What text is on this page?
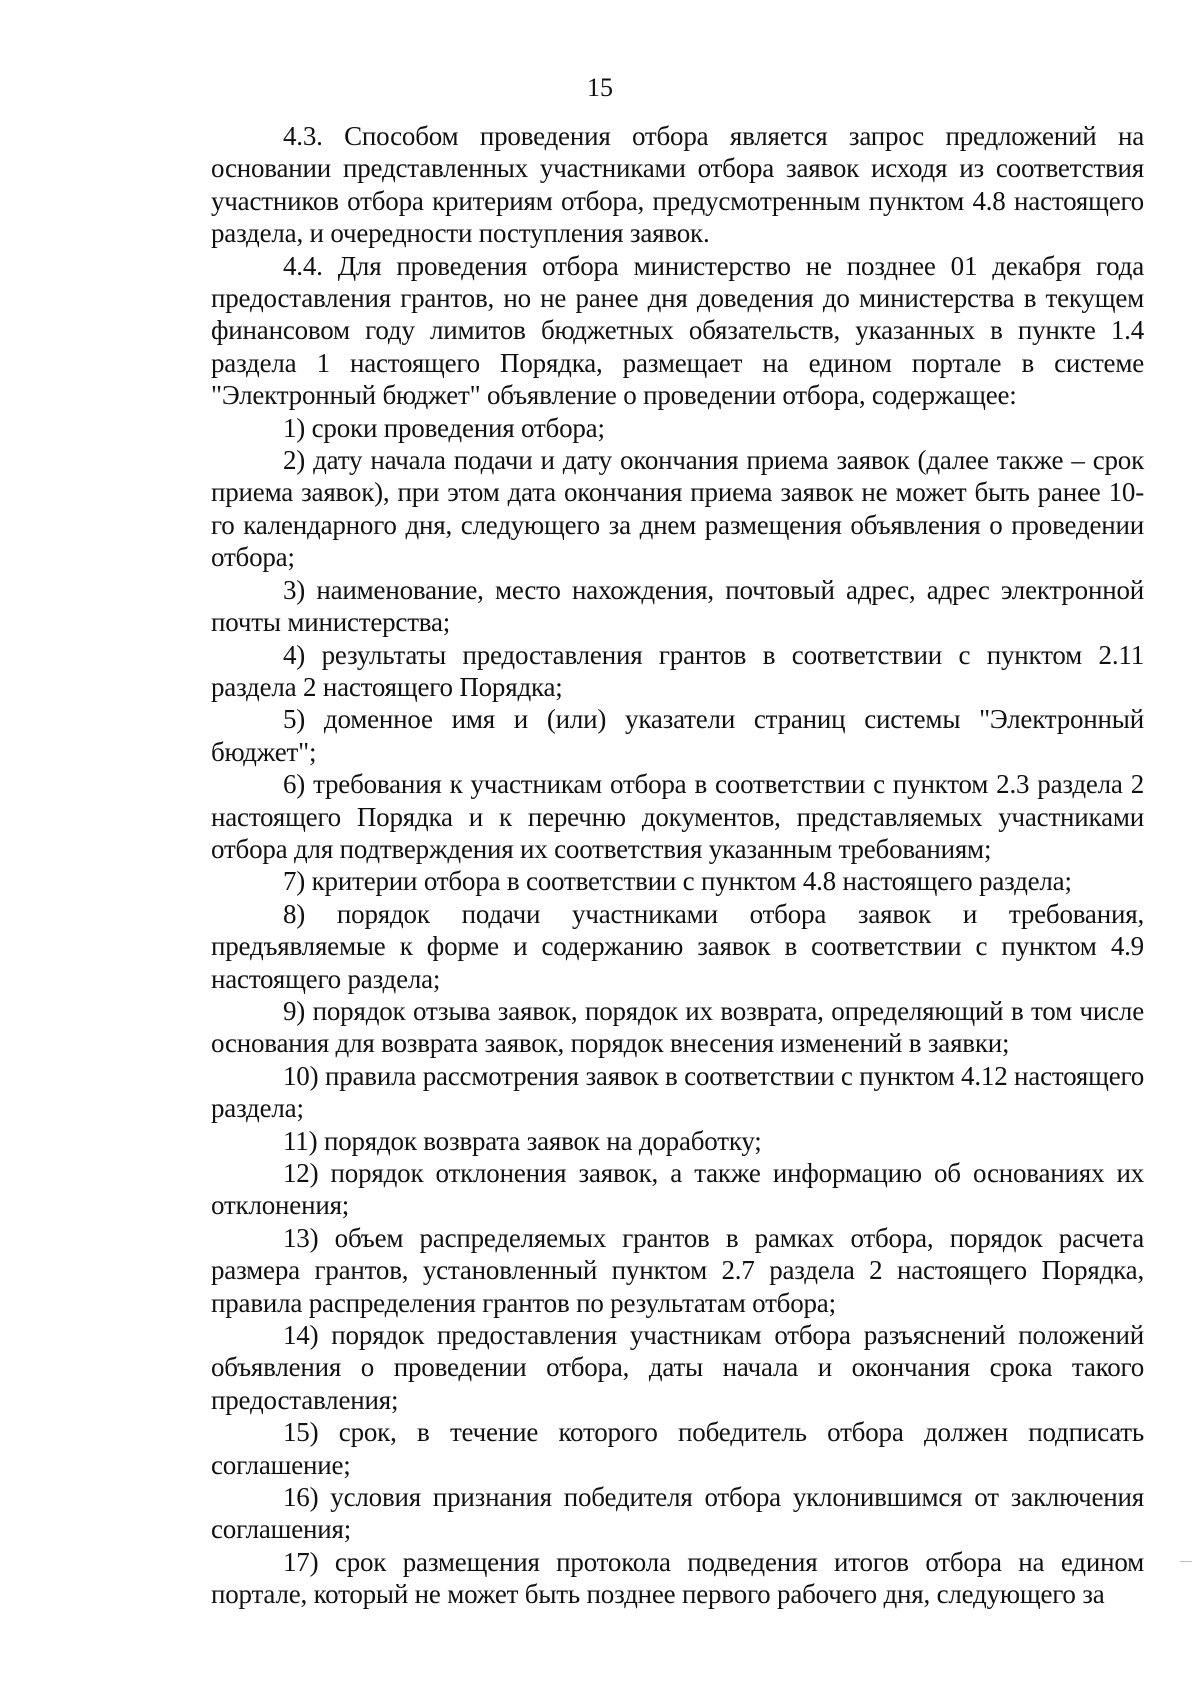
15

4.3. Способом проведения отбора является запрос предложений на основании представленных участниками отбора заявок исходя из соответствия участников отбора критериям отбора, предусмотренным пунктом 4.8 настоящего раздела, и очередности поступления заявок.

4.4. Для проведения отбора министерство не позднее 01 декабря года предоставления грантов, но не ранее дня доведения до министерства в текущем финансовом году лимитов бюджетных обязательств, указанных в пункте 1.4 раздела 1 настоящего Порядка, размещает на едином портале в системе "Электронный бюджет" объявление о проведении отбора, содержащее:

1) сроки проведения отбора;

2) дату начала подачи и дату окончания приема заявок (далее также – срок приема заявок), при этом дата окончания приема заявок не может быть ранее 10-го календарного дня, следующего за днем размещения объявления о проведении отбора;

3) наименование, место нахождения, почтовый адрес, адрес электронной почты министерства;

4) результаты предоставления грантов в соответствии с пунктом 2.11 раздела 2 настоящего Порядка;

5) доменное имя и (или) указатели страниц системы "Электронный бюджет";

6) требования к участникам отбора в соответствии с пунктом 2.3 раздела 2 настоящего Порядка и к перечню документов, представляемых участниками отбора для подтверждения их соответствия указанным требованиям;

7) критерии отбора в соответствии с пунктом 4.8 настоящего раздела;

8) порядок подачи участниками отбора заявок и требования, предъявляемые к форме и содержанию заявок в соответствии с пунктом 4.9 настоящего раздела;

9) порядок отзыва заявок, порядок их возврата, определяющий в том числе основания для возврата заявок, порядок внесения изменений в заявки;

10) правила рассмотрения заявок в соответствии с пунктом 4.12 настоящего раздела;

11) порядок возврата заявок на доработку;

12) порядок отклонения заявок, а также информацию об основаниях их отклонения;

13) объем распределяемых грантов в рамках отбора, порядок расчета размера грантов, установленный пунктом 2.7 раздела 2 настоящего Порядка, правила распределения грантов по результатам отбора;

14) порядок предоставления участникам отбора разъяснений положений объявления о проведении отбора, даты начала и окончания срока такого предоставления;

15) срок, в течение которого победитель отбора должен подписать соглашение;

16) условия признания победителя отбора уклонившимся от заключения соглашения;

17) срок размещения протокола подведения итогов отбора на едином портале, который не может быть позднее первого рабочего дня, следующего за
